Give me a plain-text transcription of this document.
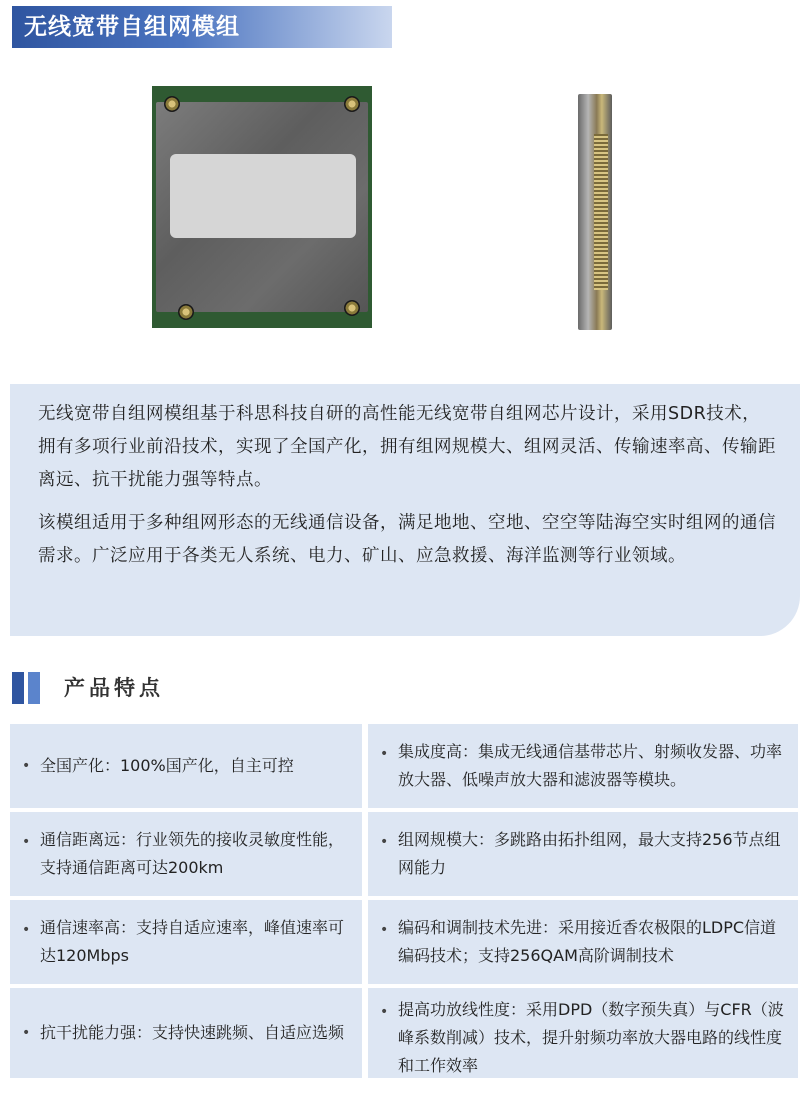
无线宽带自组网模组

无线宽带自组网模组基于科思科技自研的高性能无线宽带自组网芯片设计，采用SDR技术，拥有多项行业前沿技术，实现了全国产化，拥有组网规模大、组网灵活、传输速率高、传输距离远、抗干扰能力强等特点。

该模组适用于多种组网形态的无线通信设备，满足地地、空地、空空等陆海空实时组网的通信需求。广泛应用于各类无人系统、电力、矿山、应急救援、海洋监测等行业领域。

产品特点
• 全国产化：100%国产化，自主可控
• 集成度高：集成无线通信基带芯片、射频收发器、功率放大器、低噪声放大器和滤波器等模块。
• 通信距离远：行业领先的接收灵敏度性能，支持通信距离可达200km
• 组网规模大：多跳路由拓扑组网，最大支持256节点组网能力
• 通信速率高：支持自适应速率，峰值速率可达120Mbps
• 编码和调制技术先进：采用接近香农极限的LDPC信道编码技术；支持256QAM高阶调制技术
• 抗干扰能力强：支持快速跳频、自适应选频
• 提高功放线性度：采用DPD（数字预失真）与CFR（波峰系数削减）技术，提升射频功率放大器电路的线性度和工作效率
